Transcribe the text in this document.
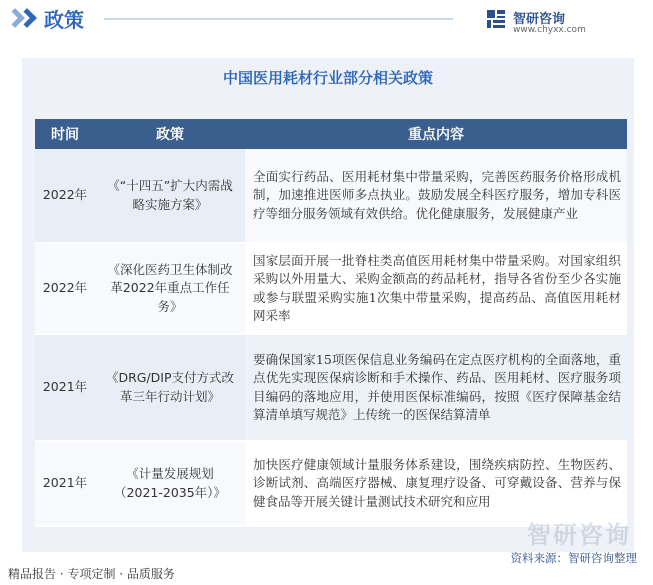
政策	智研咨询
www.chyxx.com
中国医用耗材行业部分相关政策
时间	政策	重点内容
2022年	《“十四五”扩大内需战略实施方案》	全面实行药品、医用耗材集中带量采购，完善医药服务价格形成机制，加速推进医师多点执业。鼓励发展全科医疗服务，增加专科医疗等细分服务领域有效供给。优化健康服务，发展健康产业
2022年	《深化医药卫生体制改革2022年重点工作任务》	国家层面开展一批脊柱类高值医用耗材集中带量采购。对国家组织采购以外用量大、采购金额高的药品耗材，指导各省份至少各实施或参与联盟采购实施1次集中带量采购，提高药品、高值医用耗材网采率
2021年	《DRG/DIP支付方式改革三年行动计划》	要确保国家15项医保信息业务编码在定点医疗机构的全面落地，重点优先实现医保病诊断和手术操作、药品、医用耗材、医疗服务项目编码的落地应用，并使用医保标准编码，按照《医疗保障基金结算清单填写规范》上传统一的医保结算清单
2021年	《计量发展规划（2021-2035年）》	加快医疗健康领域计量服务体系建设，围绕疾病防控、生物医药、诊断试剂、高端医疗器械、康复理疗设备、可穿戴设备、营养与保健食品等开展关键计量测试技术研究和应用
智研咨询
精品报告 · 专项定制 · 品质服务
资料来源：智研咨询整理
